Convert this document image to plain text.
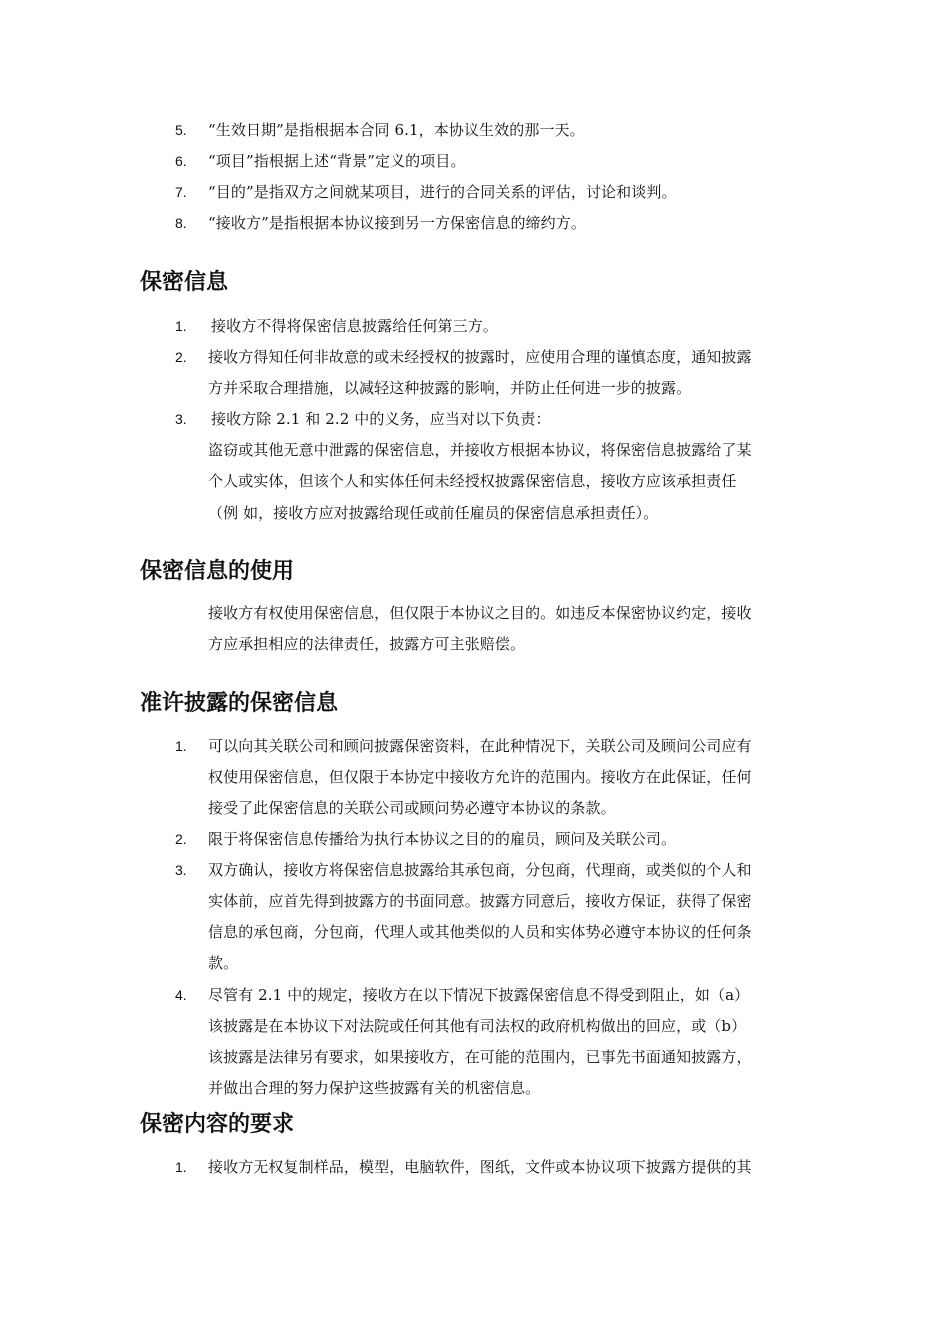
5. “生效日期”是指根据本合同 6.1，本协议生效的那一天。
6. “项目”指根据上述“背景”定义的项目。
7. “目的”是指双方之间就某项目，进行的合同关系的评估，讨论和谈判。
8. “接收方”是指根据本协议接到另一方保密信息的缔约方。
保密信息
1. 接收方不得将保密信息披露给任何第三方。
2. 接收方得知任何非故意的或未经授权的披露时，应使用合理的谨慎态度，通知披露
方并采取合理措施，以减轻这种披露的影响，并防止任何进一步的披露。
3. 接收方除 2.1 和 2.2 中的义务，应当对以下负责：
盗窃或其他无意中泄露的保密信息，并接收方根据本协议，将保密信息披露给了某
个人或实体，但该个人和实体任何未经授权披露保密信息，接收方应该承担责任
（例 如，接收方应对披露给现任或前任雇员的保密信息承担责任）。
保密信息的使用
接收方有权使用保密信息，但仅限于本协议之目的。如违反本保密协议约定，接收
方应承担相应的法律责任，披露方可主张赔偿。
准许披露的保密信息
1. 可以向其关联公司和顾问披露保密资料，在此种情况下，关联公司及顾问公司应有
权使用保密信息，但仅限于本协定中接收方允许的范围内。接收方在此保证，任何
接受了此保密信息的关联公司或顾问势必遵守本协议的条款。
2. 限于将保密信息传播给为执行本协议之目的的雇员，顾问及关联公司。
3. 双方确认，接收方将保密信息披露给其承包商，分包商，代理商，或类似的个人和
实体前，应首先得到披露方的书面同意。披露方同意后，接收方保证，获得了保密
信息的承包商，分包商，代理人或其他类似的人员和实体势必遵守本协议的任何条
款。
4. 尽管有 2.1 中的规定，接收方在以下情况下披露保密信息不得受到阻止，如（a）
该披露是在本协议下对法院或任何其他有司法权的政府机构做出的回应，或（b）
该披露是法律另有要求，如果接收方，在可能的范围内，已事先书面通知披露方，
并做出合理的努力保护这些披露有关的机密信息。
保密内容的要求
1. 接收方无权复制样品，模型，电脑软件，图纸，文件或本协议项下披露方提供的其
